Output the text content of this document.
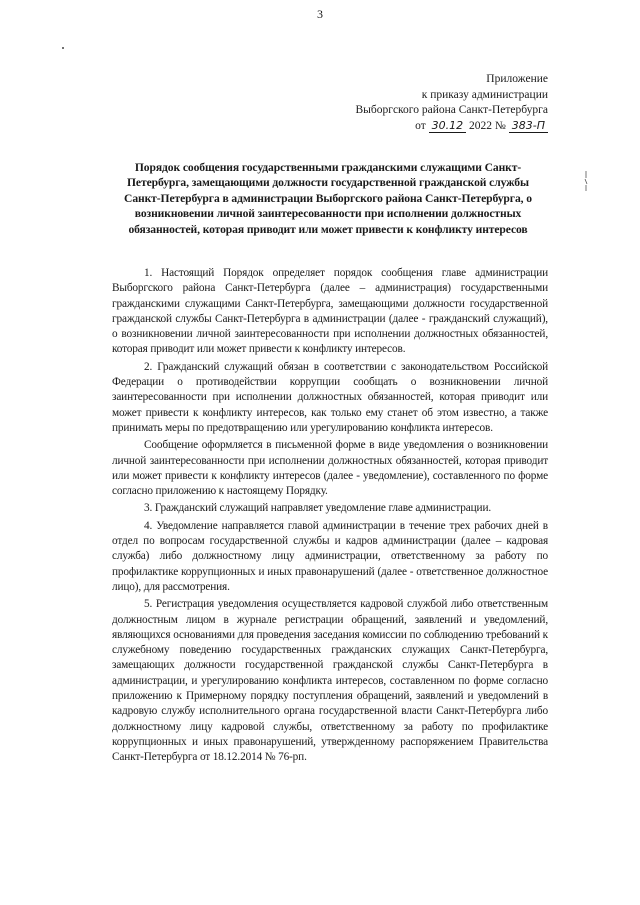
3
Приложение
к приказу администрации
Выборгского района Санкт-Петербурга
от 30.12 2022 № 383-П
Порядок сообщения государственными гражданскими служащими Санкт-Петербурга, замещающими должности государственной гражданской службы Санкт-Петербурга в администрации Выборгского района Санкт-Петербурга, о возникновении личной заинтересованности при исполнении должностных обязанностей, которая приводит или может привести к конфликту интересов

1. Настоящий Порядок определяет порядок сообщения главе администрации Выборгского района Санкт-Петербурга (далее – администрация) государственными гражданскими служащими Санкт-Петербурга, замещающими должности государственной гражданской службы Санкт-Петербурга в администрации (далее - гражданский служащий), о возникновении личной заинтересованности при исполнении должностных обязанностей, которая приводит или может привести к конфликту интересов.

2. Гражданский служащий обязан в соответствии с законодательством Российской Федерации о противодействии коррупции сообщать о возникновении личной заинтересованности при исполнении должностных обязанностей, которая приводит или может привести к конфликту интересов, как только ему станет об этом известно, а также принимать меры по предотвращению или урегулированию конфликта интересов.

Сообщение оформляется в письменной форме в виде уведомления о возникновении личной заинтересованности при исполнении должностных обязанностей, которая приводит или может привести к конфликту интересов (далее - уведомление), составленного по форме согласно приложению к настоящему Порядку.

3. Гражданский служащий направляет уведомление главе администрации.

4. Уведомление направляется главой администрации в течение трех рабочих дней в отдел по вопросам государственной службы и кадров администрации (далее – кадровая служба) либо должностному лицу администрации, ответственному за работу по профилактике коррупционных и иных правонарушений (далее - ответственное должностное лицо), для рассмотрения.

5. Регистрация уведомления осуществляется кадровой службой либо ответственным должностным лицом в журнале регистрации обращений, заявлений и уведомлений, являющихся основаниями для проведения заседания комиссии по соблюдению требований к служебному поведению государственных гражданских служащих Санкт-Петербурга, замещающих должности государственной гражданской службы Санкт-Петербурга в администрации, и урегулированию конфликта интересов, составленном по форме согласно приложению к Примерному порядку поступления обращений, заявлений и уведомлений в кадровую службу исполнительного органа государственной власти Санкт-Петербурга либо должностному лицу кадровой службы, ответственному за работу по профилактике коррупционных и иных правонарушений, утвержденному распоряжением Правительства Санкт-Петербурга от 18.12.2014 № 76-рп.
